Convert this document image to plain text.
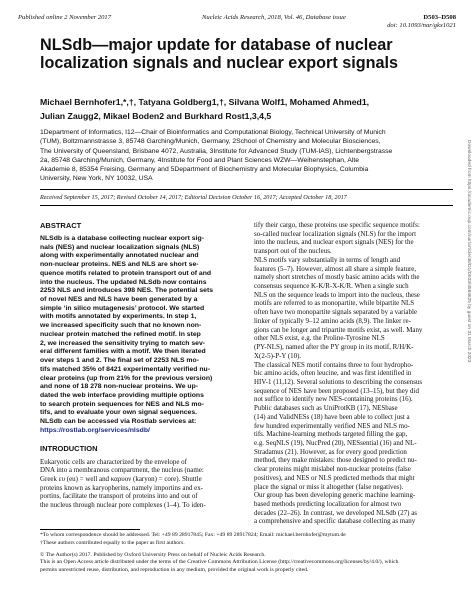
Published online 2 November 2017	Nucleic Acids Research, 2018, Vol. 46, Database issue	D503–D508
doi: 10.1093/nar/gkx1021
Downloaded from https://academic.oup.com/nar/article/46/D1/D503/4584625 by guest on 31 March 2023
NLSdb—major update for database of nuclear localization signals and nuclear export signals
Michael Bernhofer1,*,†, Tatyana Goldberg1,†, Silvana Wolf1, Mohamed Ahmed1,
Julian Zaugg2, Mikael Boden2 and Burkhard Rost1,3,4,5
1Department of Informatics, I12—Chair of Bioinformatics and Computational Biology, Technical University of Munich
(TUM), Boltzmannstrasse 3, 85748 Garching/Munich, Germany, 2School of Chemistry and Molecular Biosciences,
The University of Queensland, Brisbane 4072, Australia, 3Institute for Advanced Study (TUM-IAS), Lichtenbergstrasse
2a, 85748 Garching/Munich, Germany, 4Institute for Food and Plant Sciences WZW—Weihenstephan, Alte
Akademie 8, 85354 Freising, Germany and 5Department of Biochemistry and Molecular Biophysics, Columbia
University, New York, NY 10032, USA
Received September 15, 2017; Revised October 14, 2017; Editorial Decision October 16, 2017; Accepted October 18, 2017
ABSTRACT
NLSdb is a database collecting nuclear export sig-
nals (NES) and nuclear localization signals (NLS)
along with experimentally annotated nuclear and
non-nuclear proteins. NES and NLS are short se-
quence motifs related to protein transport out of and
into the nucleus. The updated NLSdb now contains
2253 NLS and introduces 398 NES. The potential sets
of novel NES and NLS have been generated by a
simple ‘in silico mutagenesis’ protocol. We started
with motifs annotated by experiments. In step 1,
we increased specificity such that no known non-
nuclear protein matched the refined motif. In step
2, we increased the sensitivity trying to match sev-
eral different families with a motif. We then iterated
over steps 1 and 2. The final set of 2253 NLS mo-
tifs matched 35% of 8421 experimentally verified nu-
clear proteins (up from 21% for the previous version)
and none of 18 278 non-nuclear proteins. We up-
dated the web interface providing multiple options
to search protein sequences for NES and NLS mo-
tifs, and to evaluate your own signal sequences.
NLSdb can be accessed via Rostlab services at:
https://rostlab.org/services/nlsdb/
INTRODUCTION
Eukaryotic cells are characterized by the envelope of
DNA into a membranous compartment, the nucleus (name:
Greek ευ (eu) = well and καρυον (karyon) = core). Shuttle
proteins known as karyopherins, namely importins and ex-
portins, facilitate the transport of proteins into and out of
the nucleus through nuclear pore complexes (1–4). To iden-
tify their cargo, these proteins use specific sequence motifs:
so-called nuclear localization signals (NLS) for the import
into the nucleus, and nuclear export signals (NES) for the
transport out of the nucleus.
NLS motifs vary substantially in terms of length and
features (5–7). However, almost all share a simple feature,
namely short stretches of mostly basic amino acids with the
consensus sequence K-K/R-X-K/R. When a single such
NLS on the sequence leads to import into the nucleus, these
motifs are referred to as monopartite, while bipartite NLS
often have two monopartite signals separated by a variable
linker of typically 9–12 amino acids (8,9). The linker re-
gions can be longer and tripartite motifs exist, as well. Many
other NLS exist, e.g. the Proline-Tyrosine NLS
(PY-NLS), named after the PY group in its motif, R/H/K-
X(2-5)-P-Y (10).
The classical NES motif contains three to four hydropho-
bic amino acids, often leucine, and was first identified in
HIV-1 (11,12). Several solutions to describing the consensus
sequence of NES have been proposed (13–15), but they did
not suffice to identify new NES-containing proteins (16).
Public databases such as UniProtKB (17), NESbase
(14) and ValidNESs (18) have been able to collect just a
few hundred experimentally verified NES and NLS mo-
tifs. Machine-learning methods targeted filling the gap,
e.g. SeqNLS (19), NucPred (20), NESsential (16) and NL-
Stradamus (21). However, as for every good prediction
method, they make mistakes: those designed to predict nu-
clear proteins might mislabel non-nuclear proteins (false
positives), and NES or NLS predicted methods that might
place the signal or miss it altogether (false negatives).
Our group has been developing generic machine learning-
based methods predicting localization for almost two
decades (22–26). In contrast, we developed NLSdb (27) as
a comprehensive and specific database collecting as many
*To whom correspondence should be addressed. Tel: +49 89 28917845; Fax: +49 89 28917824; Email: michael.bernhofer@mytum.de
†These authors contributed equally to the paper as first authors.
© The Author(s) 2017. Published by Oxford University Press on behalf of Nucleic Acids Research.
This is an Open Access article distributed under the terms of the Creative Commons Attribution License (http://creativecommons.org/licenses/by/4.0/), which
permits unrestricted reuse, distribution, and reproduction in any medium, provided the original work is properly cited.
